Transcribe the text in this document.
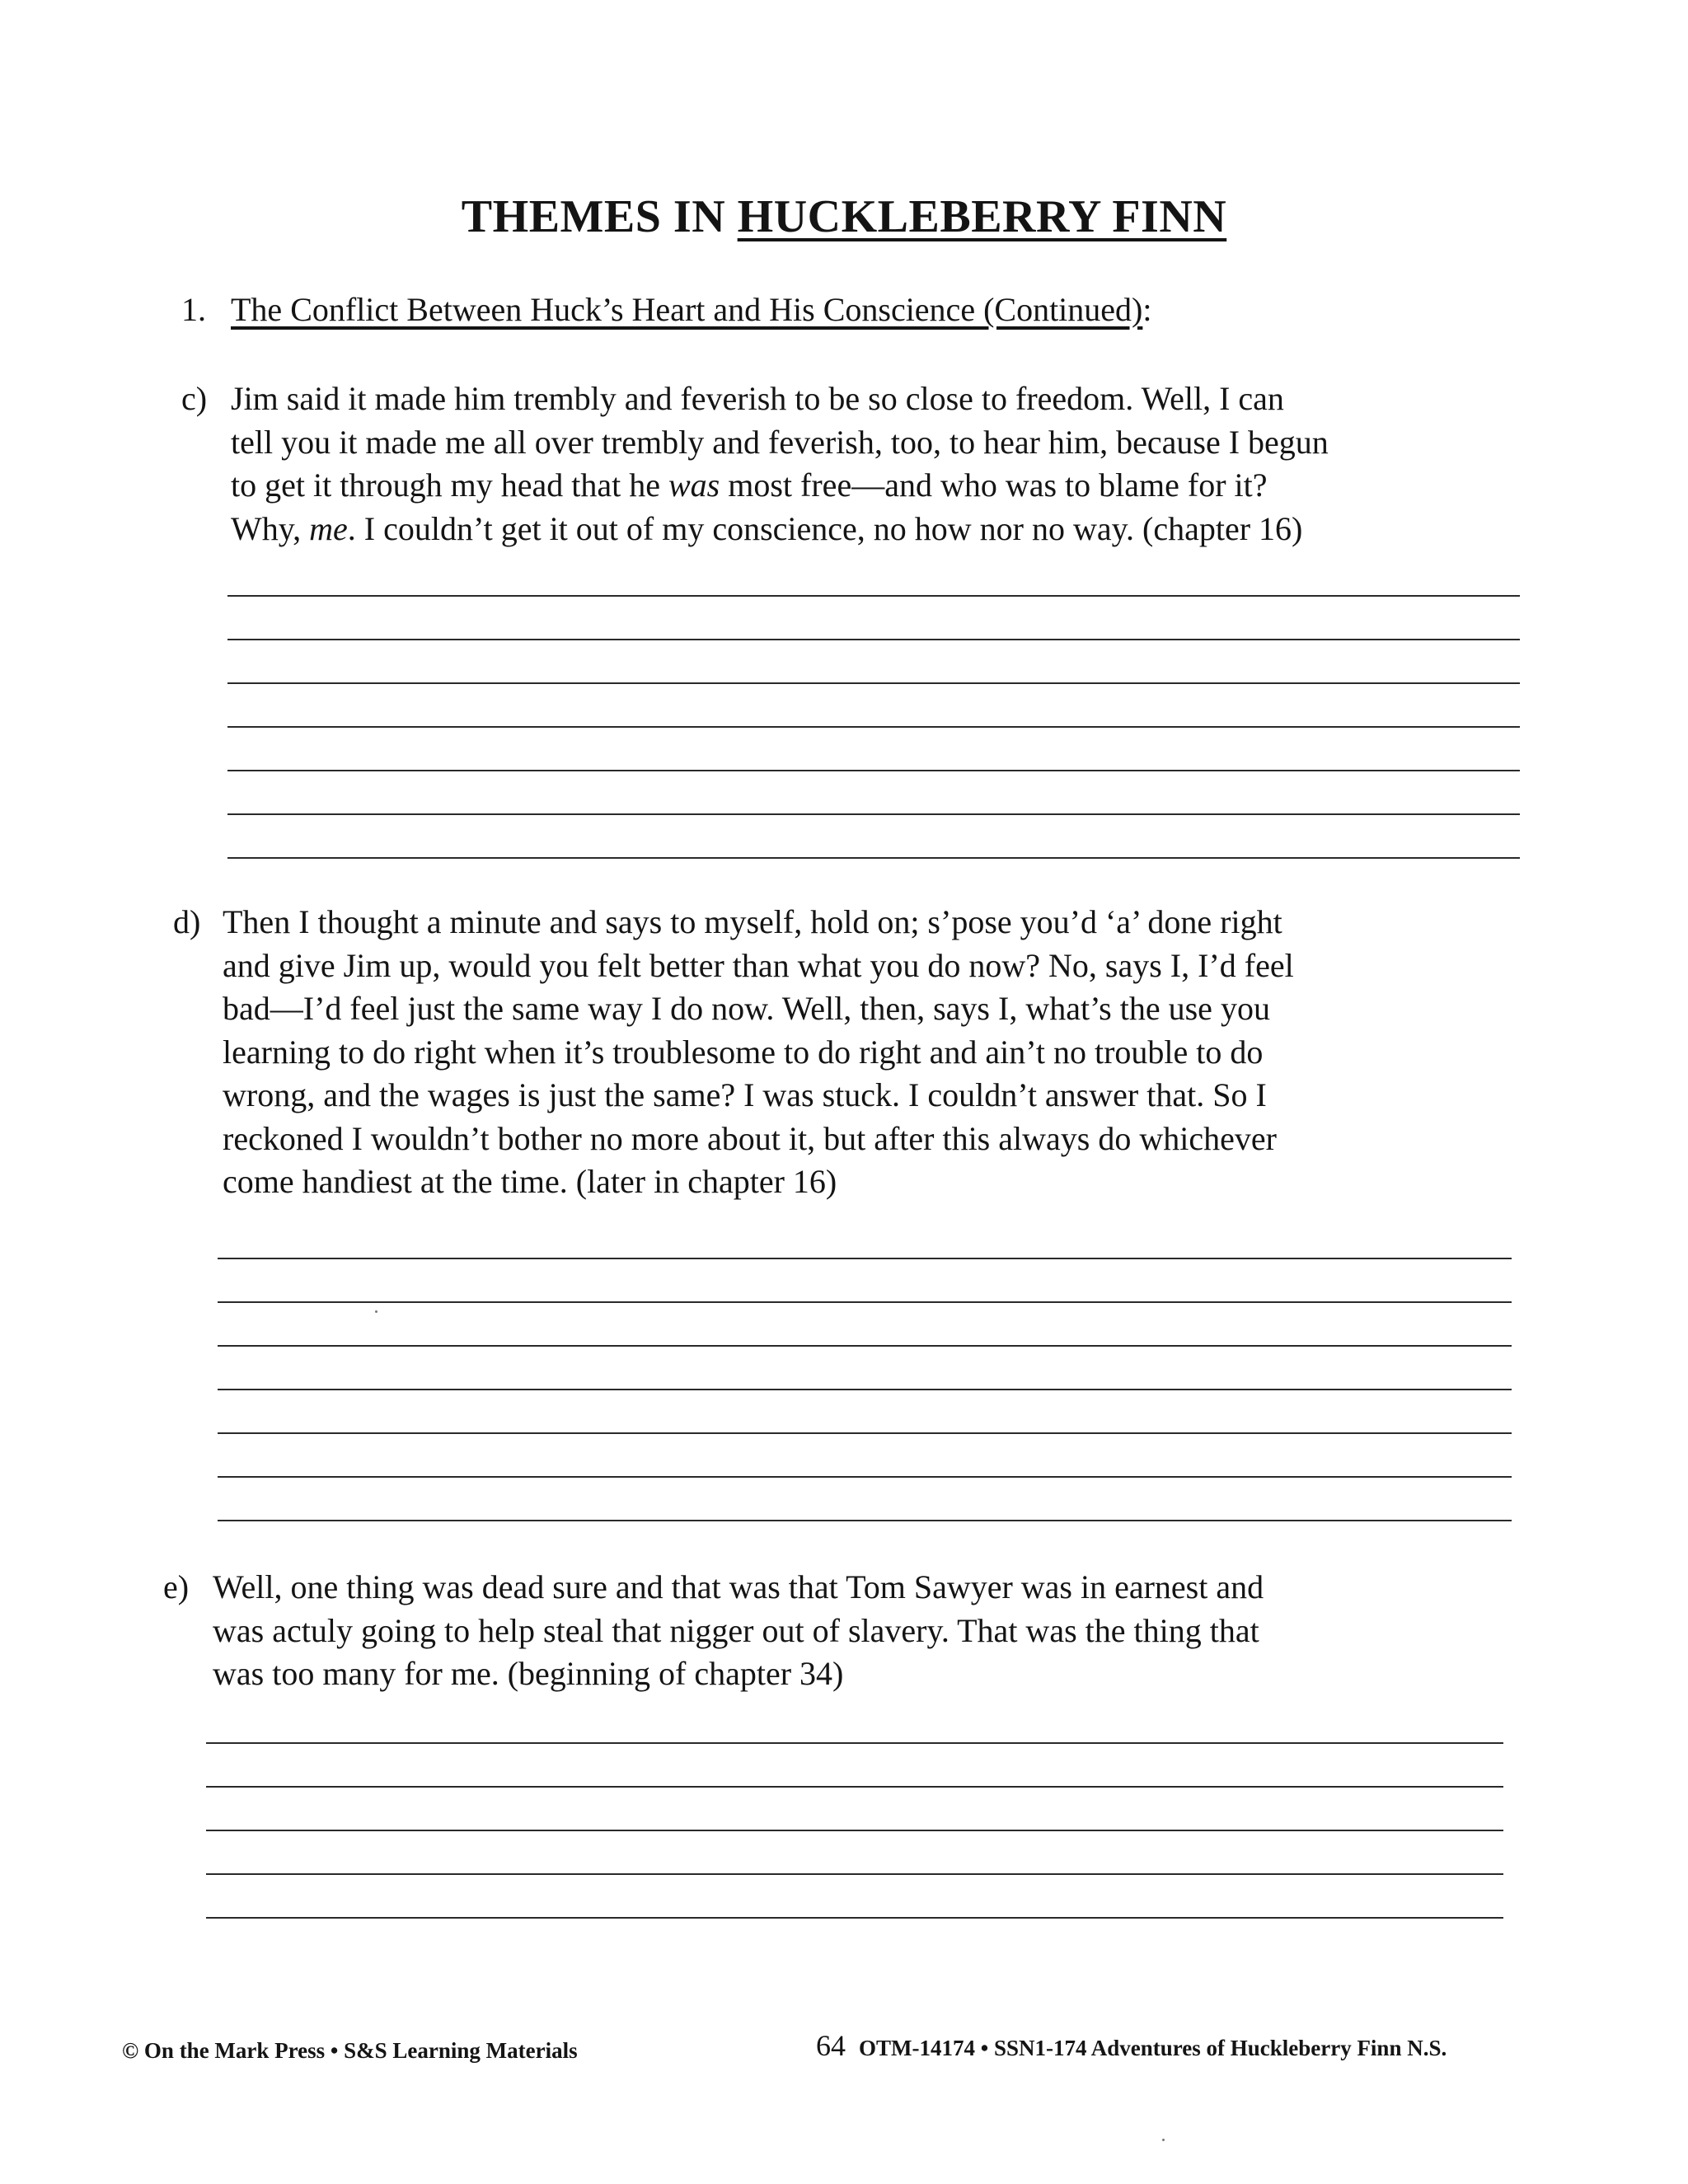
THEMES IN HUCKLEBERRY FINN
1. The Conflict Between Huck’s Heart and His Conscience (Continued):
c) Jim said it made him trembly and feverish to be so close to freedom. Well, I can

tell you it made me all over trembly and feverish, too, to hear him, because I begun

to get it through my head that he was most free—and who was to blame for it?

Why, me. I couldn’t get it out of my conscience, no how nor no way. (chapter 16)

d) Then I thought a minute and says to myself, hold on; s’pose you’d ‘a’ done right

and give Jim up, would you felt better than what you do now? No, says I, I’d feel

bad—I’d feel just the same way I do now. Well, then, says I, what’s the use you

learning to do right when it’s troublesome to do right and ain’t no trouble to do

wrong, and the wages is just the same? I was stuck. I couldn’t answer that. So I

reckoned I wouldn’t bother no more about it, but after this always do whichever

come handiest at the time. (later in chapter 16)

e) Well, one thing was dead sure and that was that Tom Sawyer was in earnest and

was actuly going to help steal that nigger out of slavery. That was the thing that

was too many for me. (beginning of chapter 34)

© On the Mark Press • S&S Learning Materials	64 OTM-14174 • SSN1-174 Adventures of Huckleberry Finn N.S.
